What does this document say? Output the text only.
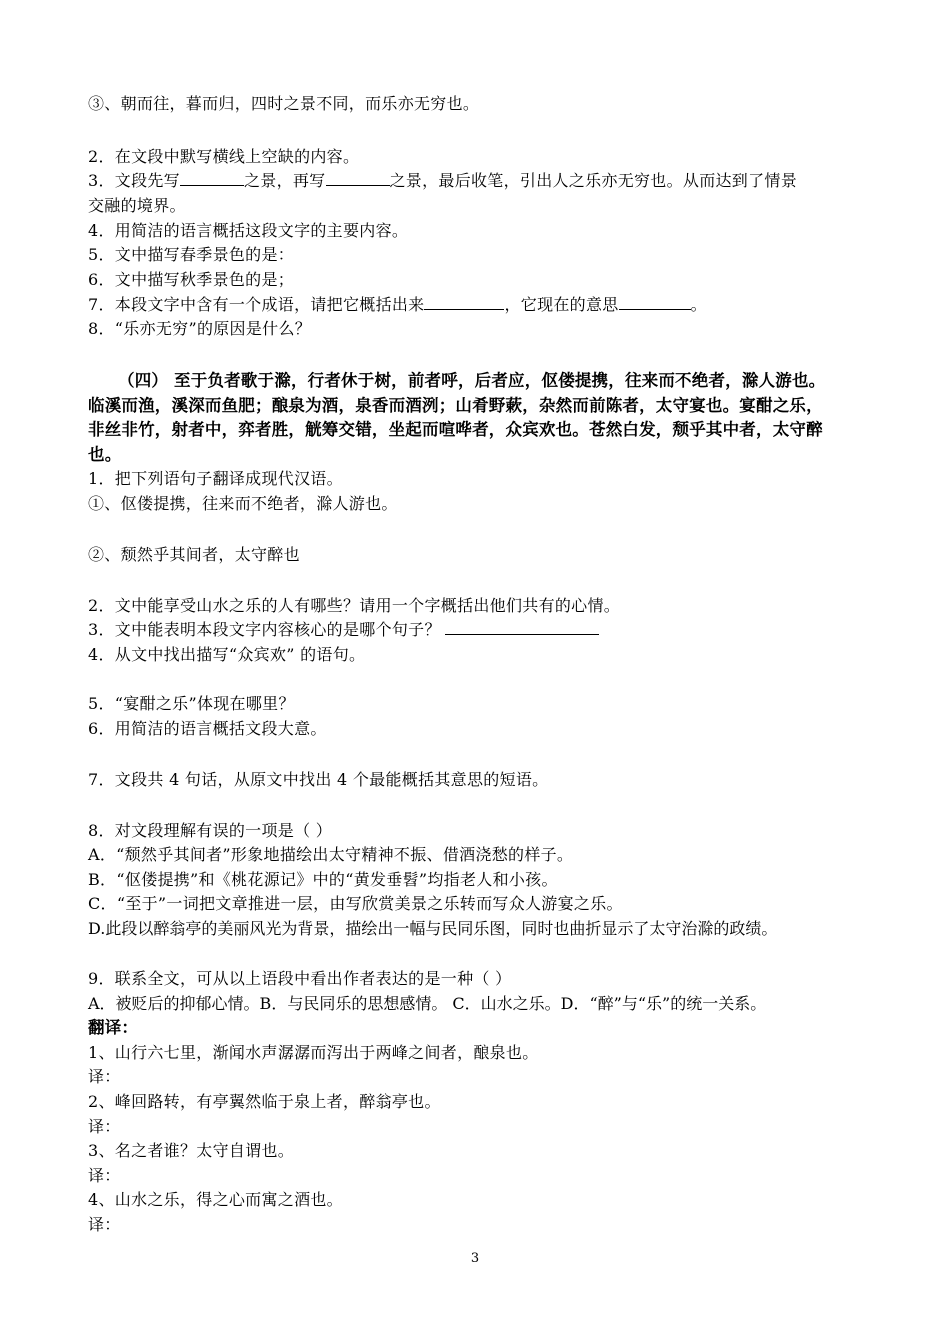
③、朝而往，暮而归，四时之景不同，而乐亦无穷也。
2．在文段中默写横线上空缺的内容。
3．文段先写	之景，再写	之景，最后收笔，引出人之乐亦无穷也。从而达到了情景
交融的境界。
4．用简洁的语言概括这段文字的主要内容。
5．文中描写春季景色的是：
6．文中描写秋季景色的是；
7．本段文字中含有一个成语，请把它概括出来	，它现在的意思	。
8．“乐亦无穷”的原因是什么？
（四） 至于负者歌于滁，行者休于树，前者呼，后者应，伛偻提携，往来而不绝者，滁人游也。
临溪而渔，溪深而鱼肥；酿泉为酒，泉香而酒洌；山肴野蔌，杂然而前陈者，太守宴也。宴酣之乐，
非丝非竹，射者中，弈者胜，觥筹交错，坐起而喧哗者，众宾欢也。苍然白发，颓乎其中者，太守醉
也。
1．把下列语句子翻译成现代汉语。
①、伛偻提携，往来而不绝者，滁人游也。
②、颓然乎其间者，太守醉也
2．文中能享受山水之乐的人有哪些？请用一个字概括出他们共有的心情。
3．文中能表明本段文字内容核心的是哪个句子？
4．从文中找出描写“众宾欢” 的语句。
5．“宴酣之乐”体现在哪里？
6．用简洁的语言概括文段大意。
7．文段共 4 句话，从原文中找出 4 个最能概括其意思的短语。
8．对文段理解有误的一项是（ ）
A．“颓然乎其间者”形象地描绘出太守精神不振、借酒浇愁的样子。
B．“伛偻提携”和《桃花源记》中的“黄发垂髫”均指老人和小孩。
C．“至于”一词把文章推进一层，由写欣赏美景之乐转而写众人游宴之乐。
D.此段以醉翁亭的美丽风光为背景，描绘出一幅与民同乐图，同时也曲折显示了太守治滁的政绩。
9．联系全文，可从以上语段中看出作者表达的是一种（ ）
A．被贬后的抑郁心情。B．与民同乐的思想感情。 C．山水之乐。D．“醉”与“乐”的统一关系。
翻译：
1、山行六七里，渐闻水声潺潺而泻出于两峰之间者，酿泉也。
译：
2、峰回路转，有亭翼然临于泉上者，醉翁亭也。
译：
3、名之者谁？太守自谓也。
译：
4、山水之乐，得之心而寓之酒也。
译：
3
